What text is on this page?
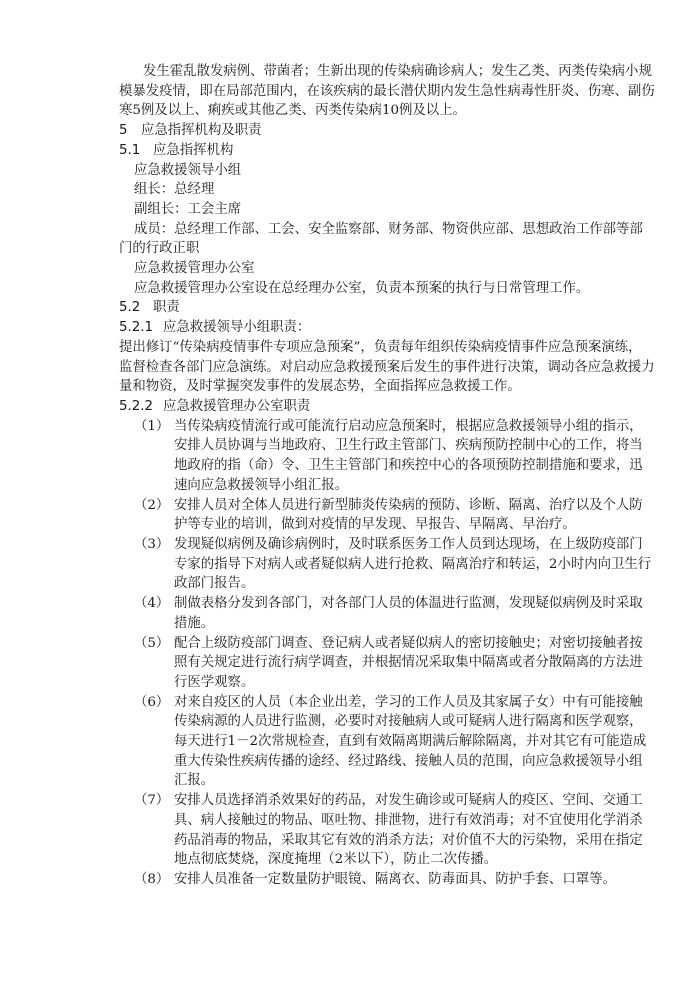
发生霍乱散发病例、带菌者；生新出现的传染病确诊病人；发生乙类、丙类传染病小规
模暴发疫情，即在局部范围内，在该疾病的最长潜伏期内发生急性病毒性肝炎、伤寒、副伤
寒5例及以上、痢疾或其他乙类、丙类传染病10例及以上。
5 应急指挥机构及职责
5.1 应急指挥机构
应急救援领导小组
组长：总经理
副组长：工会主席
成员：总经理工作部、工会、安全监察部、财务部、物资供应部、思想政治工作部等部
门的行政正职
应急救援管理办公室
应急救援管理办公室设在总经理办公室，负责本预案的执行与日常管理工作。
5.2 职责
5.2.1 应急救援领导小组职责：
提出修订“传染病疫情事件专项应急预案”，负责每年组织传染病疫情事件应急预案演练，
监督检查各部门应急演练。对启动应急救援预案后发生的事件进行决策，调动各应急救援力
量和物资，及时掌握突发事件的发展态势，全面指挥应急救援工作。
5.2.2 应急救援管理办公室职责
（1） 当传染病疫情流行或可能流行启动应急预案时，根据应急救援领导小组的指示，
安排人员协调与当地政府、卫生行政主管部门、疾病预防控制中心的工作，将当
地政府的指（命）令、卫生主管部门和疾控中心的各项预防控制措施和要求，迅
速向应急救援领导小组汇报。
（2） 安排人员对全体人员进行新型肺炎传染病的预防、诊断、隔离、治疗以及个人防
护等专业的培训，做到对疫情的早发现、早报告、早隔离、早治疗。
（3） 发现疑似病例及确诊病例时，及时联系医务工作人员到达现场，在上级防疫部门
专家的指导下对病人或者疑似病人进行抢救、隔离治疗和转运，2小时内向卫生行
政部门报告。
（4） 制做表格分发到各部门，对各部门人员的体温进行监测，发现疑似病例及时采取
措施。
（5） 配合上级防疫部门调查、登记病人或者疑似病人的密切接触史；对密切接触者按
照有关规定进行流行病学调查，并根据情况采取集中隔离或者分散隔离的方法进
行医学观察。
（6） 对来自疫区的人员（本企业出差，学习的工作人员及其家属子女）中有可能接触
传染病源的人员进行监测，必要时对接触病人或可疑病人进行隔离和医学观察，
每天进行1－2次常规检查，直到有效隔离期满后解除隔离，并对其它有可能造成
重大传染性疾病传播的途经、经过路线、接触人员的范围，向应急救援领导小组
汇报。
（7） 安排人员选择消杀效果好的药品，对发生确诊或可疑病人的疫区、空间、交通工
具、病人接触过的物品、呕吐物、排泄物，进行有效消毒；对不宜使用化学消杀
药品消毒的物品，采取其它有效的消杀方法；对价值不大的污染物，采用在指定
地点彻底焚烧，深度掩埋（2米以下），防止二次传播。
（8） 安排人员准备一定数量防护眼镜、隔离衣、防毒面具、防护手套、口罩等。
